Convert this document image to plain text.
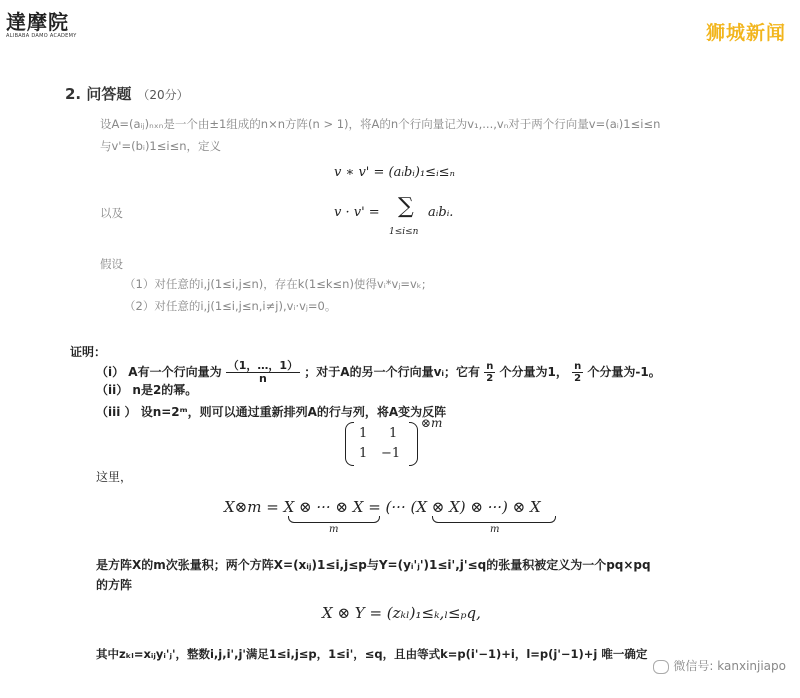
達摩院
ALIBABA DAMO ACADEMY	狮城新闻
2. 问答题 （20分）
设A=(aᵢⱼ)ₙₓₙ是一个由±1组成的n×n方阵(n > 1)，将A的n个行向量记为v₁,...,vₙ对于两个行向量v=(aᵢ)1≤i≤n
与v'=(bᵢ)1≤i≤n，定义
v ∗ v' = (aᵢbᵢ)₁≤ᵢ≤ₙ
以及	v · v' = ∑
1≤i≤n
aᵢbᵢ.
假设
（1）对任意的i,j(1≤i,j≤n)，存在k(1≤k≤n)使得vᵢ*vⱼ=vₖ;
（2）对任意的i,j(1≤i,j≤n,i≠j),vᵢ·vⱼ=0。
证明：
（i） A有一个行向量为 $\frac{(1,\dots,1)}{n}$ ；对于A的另一个行向量vᵢ；它有 $\frac{n}{2}$ 个分量为1， $\frac{n}{2}$ 个分量为-1。
（ii） n是2的幂。
（iii ） 设n=2ᵐ，则可以通过重新排列A的行与列，将A变为反阵
1 1
1 −1
⊗m
这里，
X⊗m = X ⊗ ··· ⊗ X = (··· (X ⊗ X) ⊗ ···) ⊗ X
m	m
是方阵X的m次张量积；两个方阵X=(xᵢⱼ)1≤i,j≤p与Y=(yᵢ'ⱼ')1≤i',j'≤q的张量积被定义为一个pq×pq
的方阵
X ⊗ Y = (zₖₗ)₁≤ₖ,ₗ≤ₚq,
其中zₖₗ=xᵢⱼyᵢ'ⱼ'，整数i,j,i',j'满足1≤i,j≤p，1≤i'，≤q，且由等式k=p(i'−1)+i，l=p(j'−1)+j 唯一确定
微信号: kanxinjiapo
